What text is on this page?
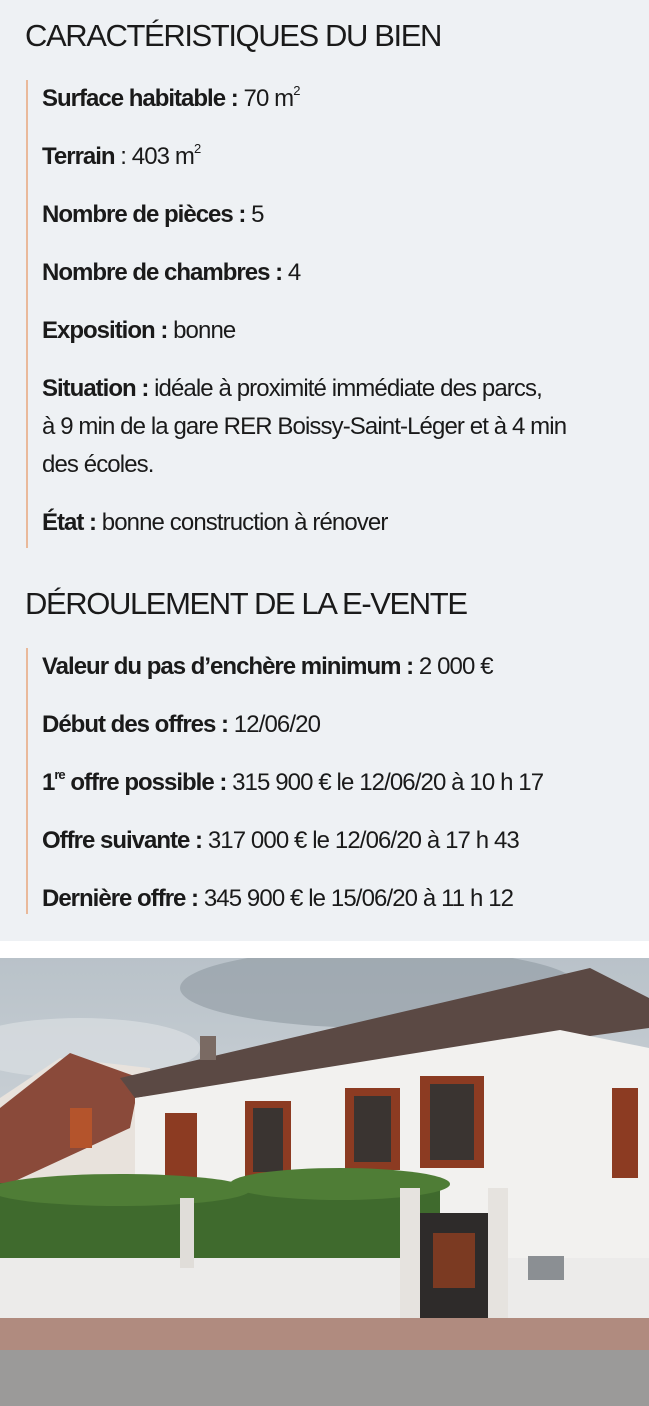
CARACTÉRISTIQUES DU BIEN

Surface habitable : 70 $m^2$

Terrain : 403 $m^2$

Nombre de pièces : 5

Nombre de chambres : 4

Exposition : bonne

Situation : idéale à proximité immédiate des parcs,
à 9 min de la gare RER Boissy-Saint-Léger et à 4 min
des écoles.

État : bonne construction à rénover

DÉROULEMENT DE LA E-VENTE

Valeur du pas d’enchère minimum : 2 000 €

Début des offres : 12/06/20

1re offre possible : 315 900 € le 12/06/20 à 10 h 17

Offre suivante : 317 000 € le 12/06/20 à 17 h 43

Dernière offre : 345 900 € le 15/06/20 à 11 h 12
